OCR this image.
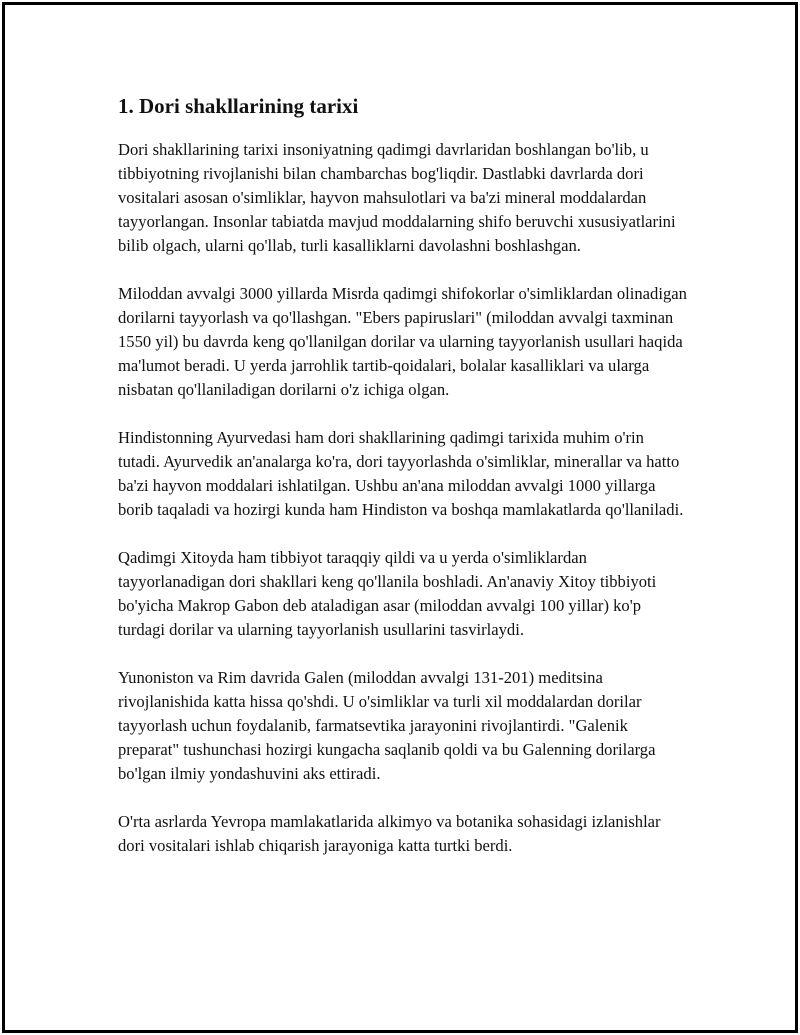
1. Dori shakllarining tarixi

Dori shakllarining tarixi insoniyatning qadimgi davrlaridan boshlangan bo'lib, u tibbiyotning rivojlanishi bilan chambarchas bog'liqdir. Dastlabki davrlarda dori vositalari asosan o'simliklar, hayvon mahsulotlari va ba'zi mineral moddalardan tayyorlangan. Insonlar tabiatda mavjud moddalarning shifo beruvchi xususiyatlarini bilib olgach, ularni qo'llab, turli kasalliklarni davolashni boshlashgan.

Miloddan avvalgi 3000 yillarda Misrda qadimgi shifokorlar o'simliklardan olinadigan dorilarni tayyorlash va qo'llashgan. "Ebers papiruslari" (miloddan avvalgi taxminan 1550 yil) bu davrda keng qo'llanilgan dorilar va ularning tayyorlanish usullari haqida ma'lumot beradi. U yerda jarrohlik tartib-qoidalari, bolalar kasalliklari va ularga nisbatan qo'llaniladigan dorilarni o'z ichiga olgan.

Hindistonning Ayurvedasi ham dori shakllarining qadimgi tarixida muhim o'rin tutadi. Ayurvedik an'analarga ko'ra, dori tayyorlashda o'simliklar, minerallar va hatto ba'zi hayvon moddalari ishlatilgan. Ushbu an'ana miloddan avvalgi 1000 yillarga borib taqaladi va hozirgi kunda ham Hindiston va boshqa mamlakatlarda qo'llaniladi.

Qadimgi Xitoyda ham tibbiyot taraqqiy qildi va u yerda o'simliklardan tayyorlanadigan dori shakllari keng qo'llanila boshladi. An'anaviy Xitoy tibbiyoti bo'yicha Makrop Gabon deb ataladigan asar (miloddan avvalgi 100 yillar) ko'p turdagi dorilar va ularning tayyorlanish usullarini tasvirlaydi.

Yunoniston va Rim davrida Galen (miloddan avvalgi 131-201) meditsina rivojlanishida katta hissa qo'shdi. U o'simliklar va turli xil moddalardan dorilar tayyorlash uchun foydalanib, farmatsevtika jarayonini rivojlantirdi. "Galenik preparat" tushunchasi hozirgi kungacha saqlanib qoldi va bu Galenning dorilarga bo'lgan ilmiy yondashuvini aks ettiradi.

O'rta asrlarda Yevropa mamlakatlarida alkimyo va botanika sohasidagi izlanishlar dori vositalari ishlab chiqarish jarayoniga katta turtki berdi.
